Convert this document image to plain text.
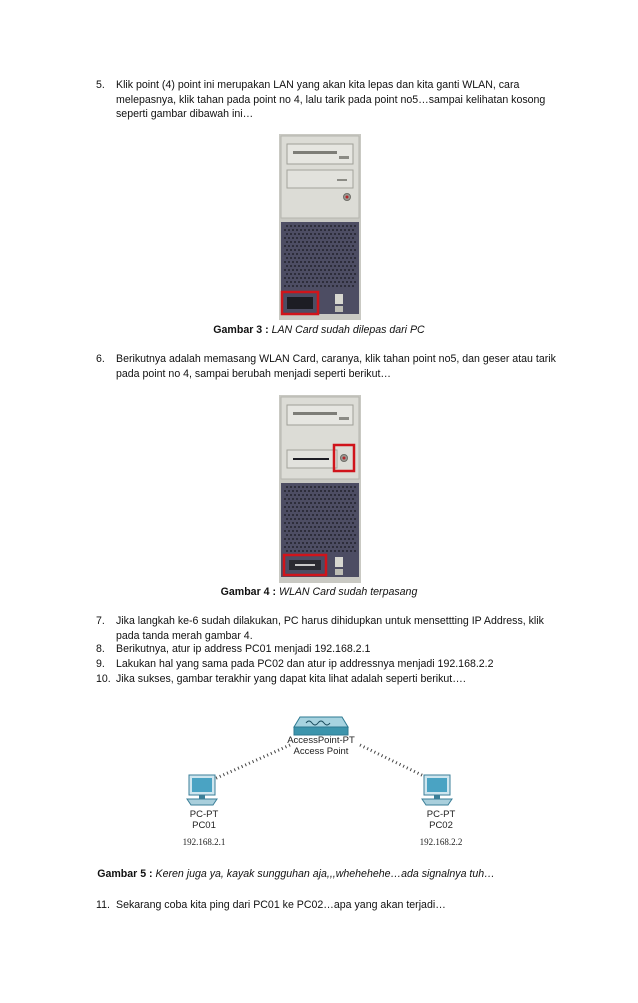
5.	Klik point (4) point ini merupakan LAN yang akan kita lepas dan kita ganti WLAN, cara melepasnya, klik tahan pada point no 4, lalu tarik pada point no5…sampai kelihatan kosong seperti gambar dibawah ini…
Gambar 3 : LAN Card sudah dilepas dari PC
6.	Berikutnya adalah memasang WLAN Card, caranya, klik tahan point no5, dan geser atau tarik pada point no 4, sampai berubah menjadi seperti berikut…
Gambar 4 : WLAN Card sudah terpasang
7.	Jika langkah ke-6 sudah dilakukan, PC harus dihidupkan untuk mensettting IP Address, klik pada tanda merah gambar 4.
8.	Berikutnya, atur ip address PC01 menjadi 192.168.2.1
9.	Lakukan hal yang sama pada PC02 dan atur ip addressnya menjadi 192.168.2.2
10. Jika sukses, gambar terakhir yang dapat kita lihat adalah seperti berikut….
AccessPoint-PT
Access Point
PC-PT
PC01
192.168.2.1
PC-PT
PC02
192.168.2.2
Gambar 5 : Keren juga ya, kayak sungguhan aja,,,whehehehe…ada signalnya tuh…
11. Sekarang coba kita ping dari PC01 ke PC02…apa yang akan terjadi…
